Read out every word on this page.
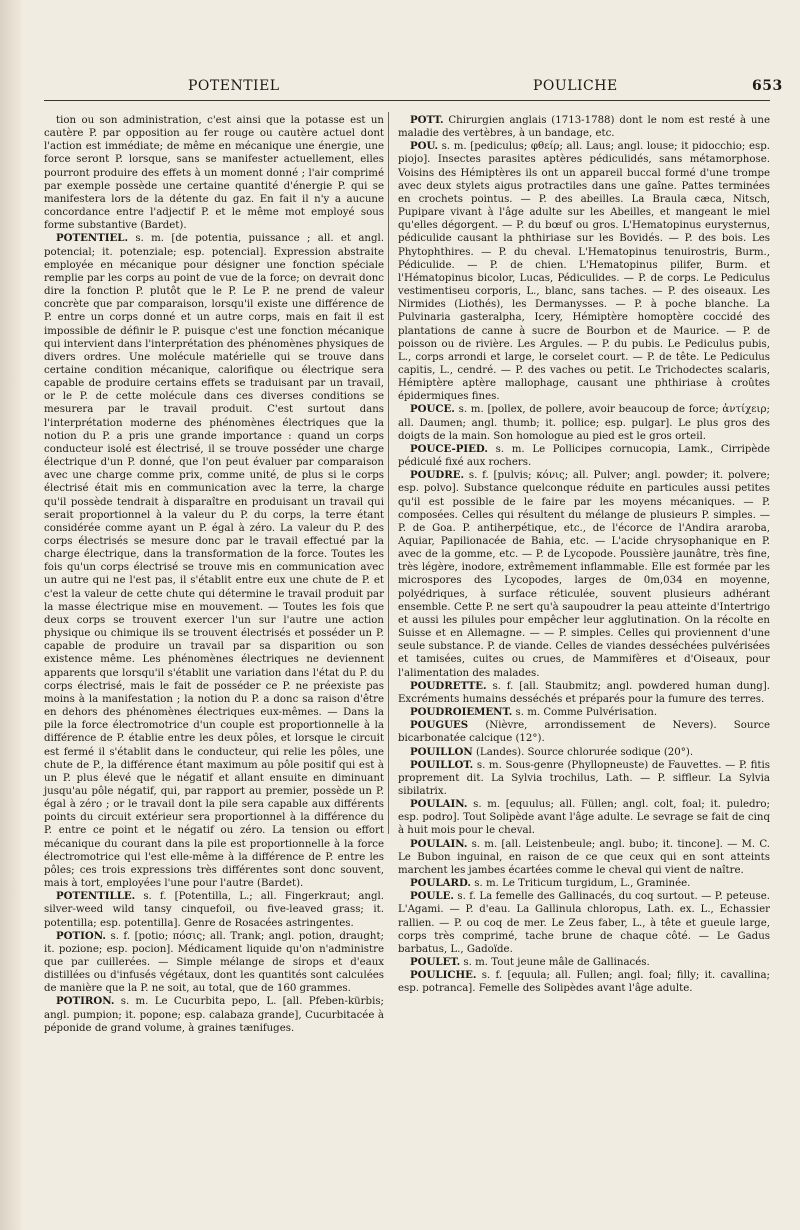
POTENTIEL	POULICHE	653

tion ou son administration, c'est ainsi que la potasse est un cautère P. par opposition au fer rouge ou cautère actuel dont l'action est immédiate; de même en mécanique une énergie, une force seront P. lorsque, sans se manifester actuellement, elles pourront produire des effets à un moment donné ; l'air comprimé par exemple possède une certaine quantité d'énergie P. qui se manifestera lors de la détente du gaz. En fait il n'y a aucune concordance entre l'adjectif P. et le même mot employé sous forme substantive (Bardet).

POTENTIEL. s. m. [de potentia, puissance ; all. et angl. potencial; it. potenziale; esp. potencial]. Expression abstraite employée en mécanique pour désigner une fonction spéciale remplie par les corps au point de vue de la force; on devrait donc dire la fonction P. plutôt que le P. Le P. ne prend de valeur concrète que par comparaison, lorsqu'il existe une différence de P. entre un corps donné et un autre corps, mais en fait il est impossible de définir le P. puisque c'est une fonction mécanique qui intervient dans l'interprétation des phénomènes physiques de divers ordres. Une molécule matérielle qui se trouve dans certaine condition mécanique, calorifique ou électrique sera capable de produire certains effets se traduisant par un travail, or le P. de cette molécule dans ces diverses conditions se mesurera par le travail produit. C'est surtout dans l'interprétation moderne des phénomènes électriques que la notion du P. a pris une grande importance : quand un corps conducteur isolé est électrisé, il se trouve posséder une charge électrique d'un P. donné, que l'on peut évaluer par comparaison avec une charge comme prix, comme unité, de plus si le corps électrisé était mis en communication avec la terre, la charge qu'il possède tendrait à disparaître en produisant un travail qui serait proportionnel à la valeur du P. du corps, la terre étant considérée comme ayant un P. égal à zéro. La valeur du P. des corps électrisés se mesure donc par le travail effectué par la charge électrique, dans la transformation de la force. Toutes les fois qu'un corps électrisé se trouve mis en communication avec un autre qui ne l'est pas, il s'établit entre eux une chute de P. et c'est la valeur de cette chute qui détermine le travail produit par la masse électrique mise en mouvement. — Toutes les fois que deux corps se trouvent exercer l'un sur l'autre une action physique ou chimique ils se trouvent électrisés et posséder un P. capable de produire un travail par sa disparition ou son existence même. Les phénomènes électriques ne deviennent apparents que lorsqu'il s'établit une variation dans l'état du P. du corps électrisé, mais le fait de posséder ce P. ne préexiste pas moins à la manifestation ; la notion du P. a donc sa raison d'être en dehors des phénomènes électriques eux-mêmes. — Dans la pile la force électromotrice d'un couple est proportionnelle à la différence de P. établie entre les deux pôles, et lorsque le circuit est fermé il s'établit dans le conducteur, qui relie les pôles, une chute de P., la différence étant maximum au pôle positif qui est à un P. plus élevé que le négatif et allant ensuite en diminuant jusqu'au pôle négatif, qui, par rapport au premier, possède un P. égal à zéro ; or le travail dont la pile sera capable aux différents points du circuit extérieur sera proportionnel à la différence du P. entre ce point et le négatif ou zéro. La tension ou effort mécanique du courant dans la pile est proportionnelle à la force électromotrice qui l'est elle-même à la différence de P. entre les pôles; ces trois expressions très différentes sont donc souvent, mais à tort, employées l'une pour l'autre (Bardet).

POTENTILLE. s. f. [Potentilla, L.; all. Fingerkraut; angl. silver-weed wild tansy cinquefoil, ou five-leaved grass; it. potentilla; esp. potentilla]. Genre de Rosacées astringentes.

POTION. s. f. [potio; πόσις; all. Trank; angl. potion, draught; it. pozione; esp. pocion]. Médicament liquide qu'on n'administre que par cuillerées. — Simple mélange de sirops et d'eaux distillées ou d'infusés végétaux, dont les quantités sont calculées de manière que la P. ne soit, au total, que de 160 grammes.

POTIRON. s. m. Le Cucurbita pepo, L. [all. Pfeben-kürbis; angl. pumpion; it. popone; esp. calabaza grande], Cucurbitacée à péponide de grand volume, à graines tænifuges.

POTT. Chirurgien anglais (1713-1788) dont le nom est resté à une maladie des vertèbres, à un bandage, etc.

POU. s. m. [pediculus; φθείρ; all. Laus; angl. louse; it pidocchio; esp. piojo]. Insectes parasites aptères pédiculidés, sans métamorphose. Voisins des Hémiptères ils ont un appareil buccal formé d'une trompe avec deux stylets aigus protractiles dans une gaîne. Pattes terminées en crochets pointus. — P. des abeilles. La Braula cæca, Nitsch, Pupipare vivant à l'âge adulte sur les Abeilles, et mangeant le miel qu'elles dégorgent. — P. du bœuf ou gros. L'Hematopinus eurysternus, pédiculide causant la phthiriase sur les Bovidés. — P. des bois. Les Phytophthires. — P. du cheval. L'Hematopinus tenuirostris, Burm., Pédiculide. — P. de chien. L'Hematopinus pilifer, Burm. et l'Hématopinus bicolor, Lucas, Pédiculides. — P. de corps. Le Pediculus vestimentiseu corporis, L., blanc, sans taches. — P. des oiseaux. Les Nirmides (Liothés), les Dermanysses. — P. à poche blanche. La Pulvinaria gasteralpha, Icery, Hémiptère homoptère coccidé des plantations de canne à sucre de Bourbon et de Maurice. — P. de poisson ou de rivière. Les Argules. — P. du pubis. Le Pediculus pubis, L., corps arrondi et large, le corselet court. — P. de tête. Le Pediculus capitis, L., cendré. — P. des vaches ou petit. Le Trichodectes scalaris, Hémiptère aptère mallophage, causant une phthiriase à croûtes épidermiques fines.

POUCE. s. m. [pollex, de pollere, avoir beaucoup de force; ἀντίχειρ; all. Daumen; angl. thumb; it. pollice; esp. pulgar]. Le plus gros des doigts de la main. Son homologue au pied est le gros orteil.

POUCE-PIED. s. m. Le Pollicipes cornucopia, Lamk., Cirripède pédiculé fixé aux rochers.

POUDRE. s. f. [pulvis; κόνις; all. Pulver; angl. powder; it. polvere; esp. polvo]. Substance quelconque réduite en particules aussi petites qu'il est possible de le faire par les moyens mécaniques. — P. composées. Celles qui résultent du mélange de plusieurs P. simples. — P. de Goa. P. antiherpétique, etc., de l'écorce de l'Andira araroba, Aquiar, Papilionacée de Bahia, etc. — L'acide chrysophanique en P. avec de la gomme, etc. — P. de Lycopode. Poussière jaunâtre, très fine, très légère, inodore, extrêmement inflammable. Elle est formée par les microspores des Lycopodes, larges de 0m,034 en moyenne, polyédriques, à surface réticulée, souvent plusieurs adhérant ensemble. Cette P. ne sert qu'à saupoudrer la peau atteinte d'Intertrigo et aussi les pilules pour empêcher leur agglutination. On la récolte en Suisse et en Allemagne. — — P. simples. Celles qui proviennent d'une seule substance. P. de viande. Celles de viandes desséchées pulvérisées et tamisées, cuites ou crues, de Mammifères et d'Oiseaux, pour l'alimentation des malades.

POUDRETTE. s. f. [all. Staubmitz; angl. powdered human dung]. Excréments humains desséchés et préparés pour la fumure des terres.

POUDROIEMENT. s. m. Comme Pulvérisation.

POUGUES (Nièvre, arrondissement de Nevers). Source bicarbonatée calcique (12°).

POUILLON (Landes). Source chlorurée sodique (20°).

POUILLOT. s. m. Sous-genre (Phyllopneuste) de Fauvettes. — P. fitis proprement dit. La Sylvia trochilus, Lath. — P. siffleur. La Sylvia sibilatrix.

POULAIN. s. m. [equulus; all. Füllen; angl. colt, foal; it. puledro; esp. podro]. Tout Solipède avant l'âge adulte. Le sevrage se fait de cinq à huit mois pour le cheval.

POULAIN. s. m. [all. Leistenbeule; angl. bubo; it. tincone]. — M. C. Le Bubon inguinal, en raison de ce que ceux qui en sont atteints marchent les jambes écartées comme le cheval qui vient de naître.

POULARD. s. m. Le Triticum turgidum, L., Graminée.

POULE. s. f. La femelle des Gallinacés, du coq surtout. — P. peteuse. L'Agami. — P. d'eau. La Gallinula chloropus, Lath. ex. L., Echassier rallien. — P. ou coq de mer. Le Zeus faber, L., à tête et gueule large, corps très comprimé, tache brune de chaque côté. — Le Gadus barbatus, L., Gadoïde.

POULET. s. m. Tout jeune mâle de Gallinacés.

POULICHE. s. f. [equula; all. Fullen; angl. foal; filly; it. cavallina; esp. potranca]. Femelle des Solipèdes avant l'âge adulte.
